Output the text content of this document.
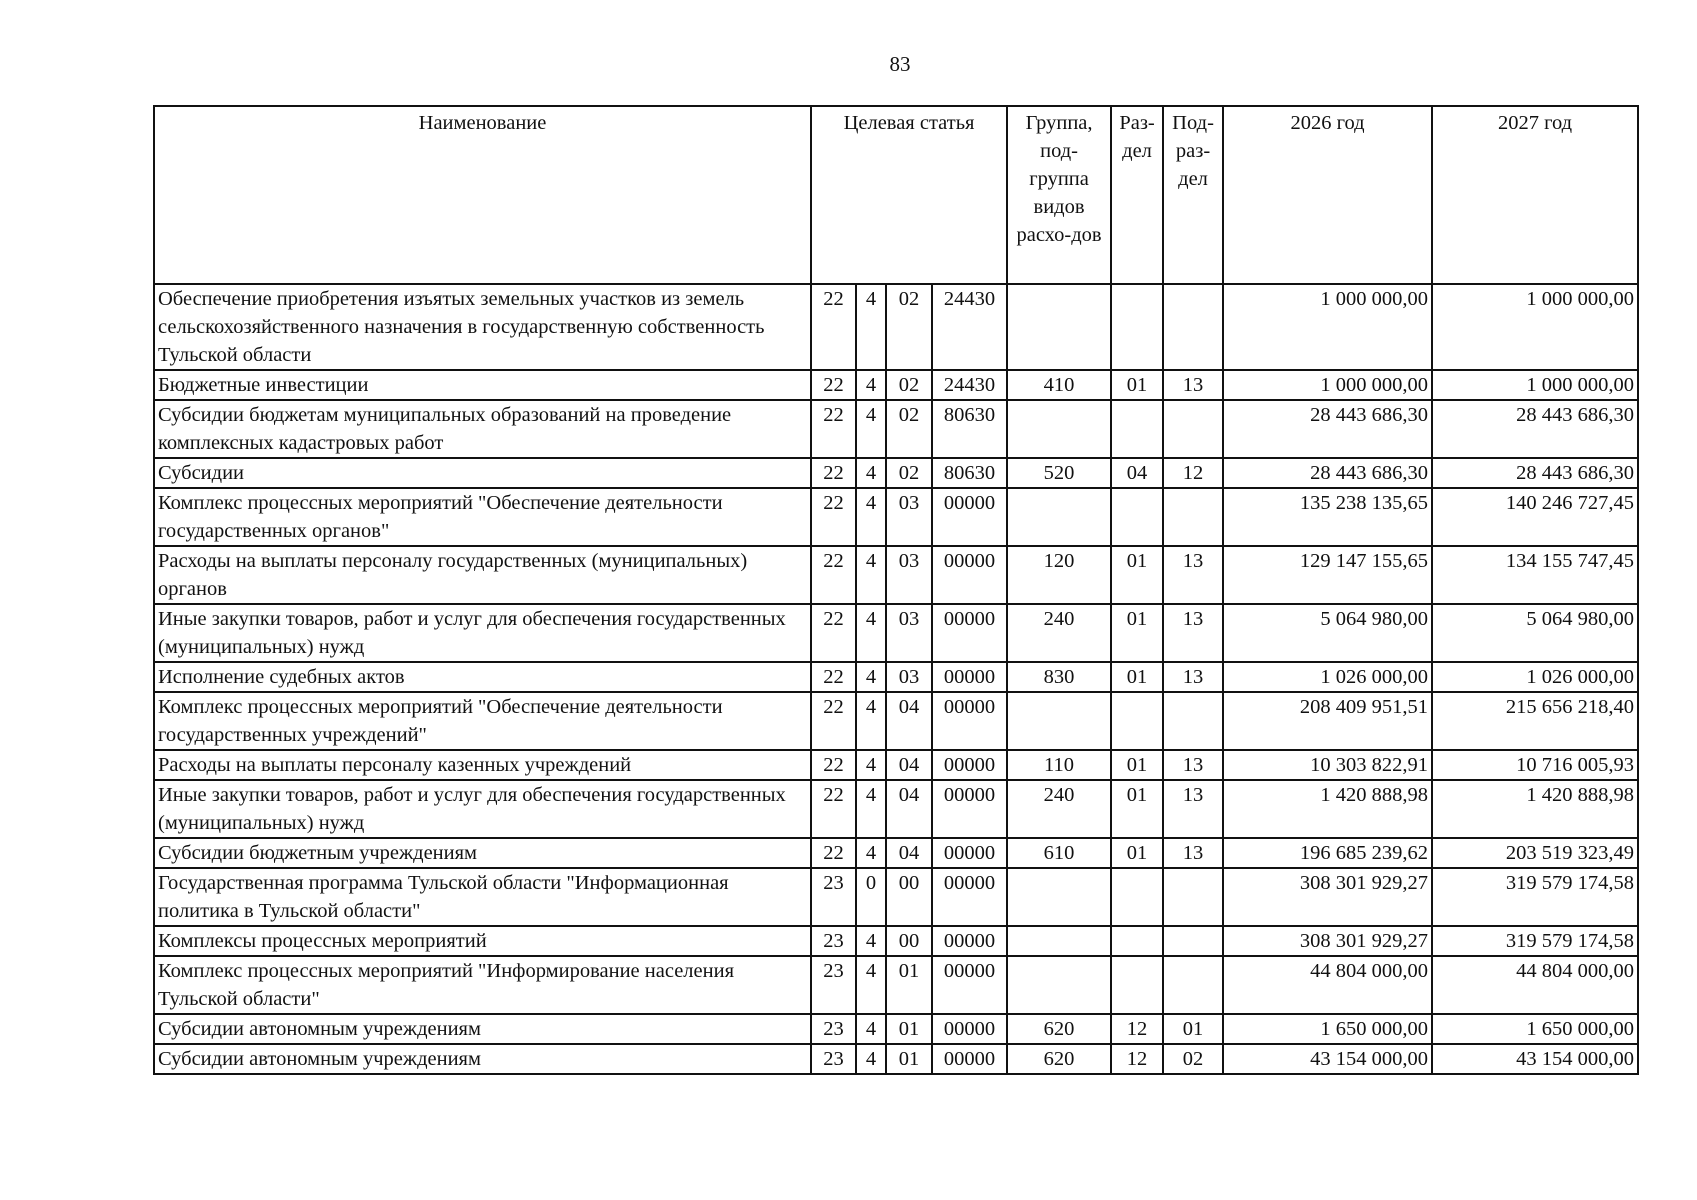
83
Наименование	Целевая статья				Группа, под-группа видов расхо-дов	Раз-дел	Под-раз-дел	2026 год	2027 год
Обеспечение приобретения изъятых земельных участков из земель сельскохозяйственного назначения в государственную собственность Тульской области	22	4	02	24430				1 000 000,00	1 000 000,00
Бюджетные инвестиции	22	4	02	24430	410	01	13	1 000 000,00	1 000 000,00
Субсидии бюджетам муниципальных образований на проведение комплексных кадастровых работ	22	4	02	80630				28 443 686,30	28 443 686,30
Субсидии	22	4	02	80630	520	04	12	28 443 686,30	28 443 686,30
Комплекс процессных мероприятий "Обеспечение деятельности государственных органов"	22	4	03	00000				135 238 135,65	140 246 727,45
Расходы на выплаты персоналу государственных (муниципальных) органов	22	4	03	00000	120	01	13	129 147 155,65	134 155 747,45
Иные закупки товаров, работ и услуг для обеспечения государственных (муниципальных) нужд	22	4	03	00000	240	01	13	5 064 980,00	5 064 980,00
Исполнение судебных актов	22	4	03	00000	830	01	13	1 026 000,00	1 026 000,00
Комплекс процессных мероприятий "Обеспечение деятельности государственных учреждений"	22	4	04	00000				208 409 951,51	215 656 218,40
Расходы на выплаты персоналу казенных учреждений	22	4	04	00000	110	01	13	10 303 822,91	10 716 005,93
Иные закупки товаров, работ и услуг для обеспечения государственных (муниципальных) нужд	22	4	04	00000	240	01	13	1 420 888,98	1 420 888,98
Субсидии бюджетным учреждениям	22	4	04	00000	610	01	13	196 685 239,62	203 519 323,49
Государственная программа Тульской области "Информационная политика в Тульской области"	23	0	00	00000				308 301 929,27	319 579 174,58
Комплексы процессных мероприятий	23	4	00	00000				308 301 929,27	319 579 174,58
Комплекс процессных мероприятий "Информирование населения Тульской области"	23	4	01	00000				44 804 000,00	44 804 000,00
Субсидии автономным учреждениям	23	4	01	00000	620	12	01	1 650 000,00	1 650 000,00
Субсидии автономным учреждениям	23	4	01	00000	620	12	02	43 154 000,00	43 154 000,00
